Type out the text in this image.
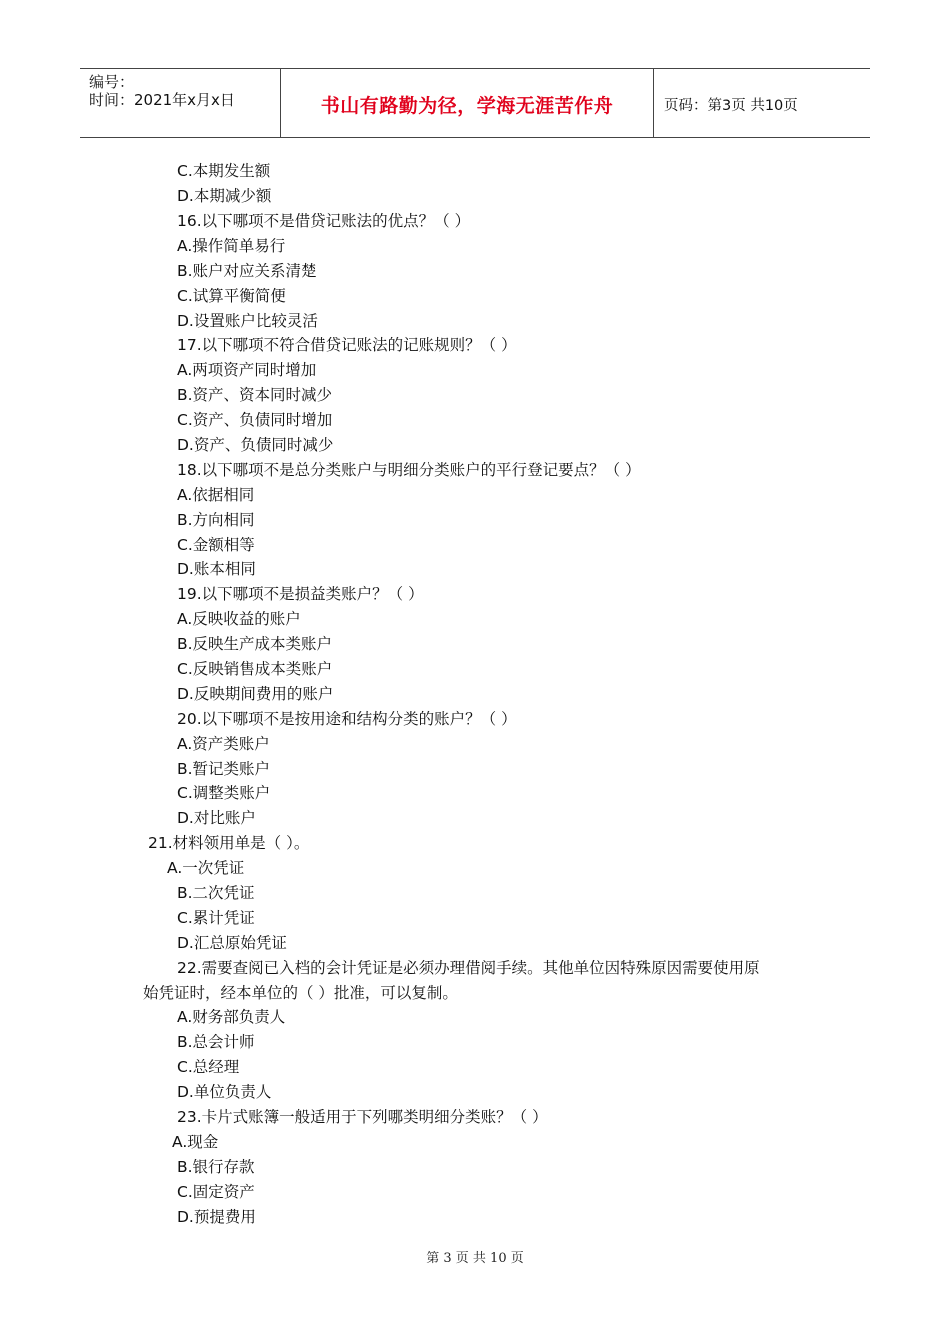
编号：
时间：2021年x月x日	书山有路勤为径，学海无涯苦作舟	页码：第3页 共10页
C.本期发生额
D.本期减少额
16.以下哪项不是借贷记账法的优点？（ ）
A.操作简单易行
B.账户对应关系清楚
C.试算平衡简便
D.设置账户比较灵活
17.以下哪项不符合借贷记账法的记账规则？（ ）
A.两项资产同时增加
B.资产、资本同时减少
C.资产、负债同时增加
D.资产、负债同时减少
18.以下哪项不是总分类账户与明细分类账户的平行登记要点？（ ）
A.依据相同
B.方向相同
C.金额相等
D.账本相同
19.以下哪项不是损益类账户？（ ）
A.反映收益的账户
B.反映生产成本类账户
C.反映销售成本类账户
D.反映期间费用的账户
20.以下哪项不是按用途和结构分类的账户？（ ）
A.资产类账户
B.暂记类账户
C.调整类账户
D.对比账户
21.材料领用单是（ ）。
A.一次凭证
B.二次凭证
C.累计凭证
D.汇总原始凭证
22.需要查阅已入档的会计凭证是必须办理借阅手续。其他单位因特殊原因需要使用原
始凭证时，经本单位的（ ）批准，可以复制。
A.财务部负责人
B.总会计师
C.总经理
D.单位负责人
23.卡片式账簿一般适用于下列哪类明细分类账？（ ）
A.现金
B.银行存款
C.固定资产
D.预提费用
第 3 页 共 10 页
